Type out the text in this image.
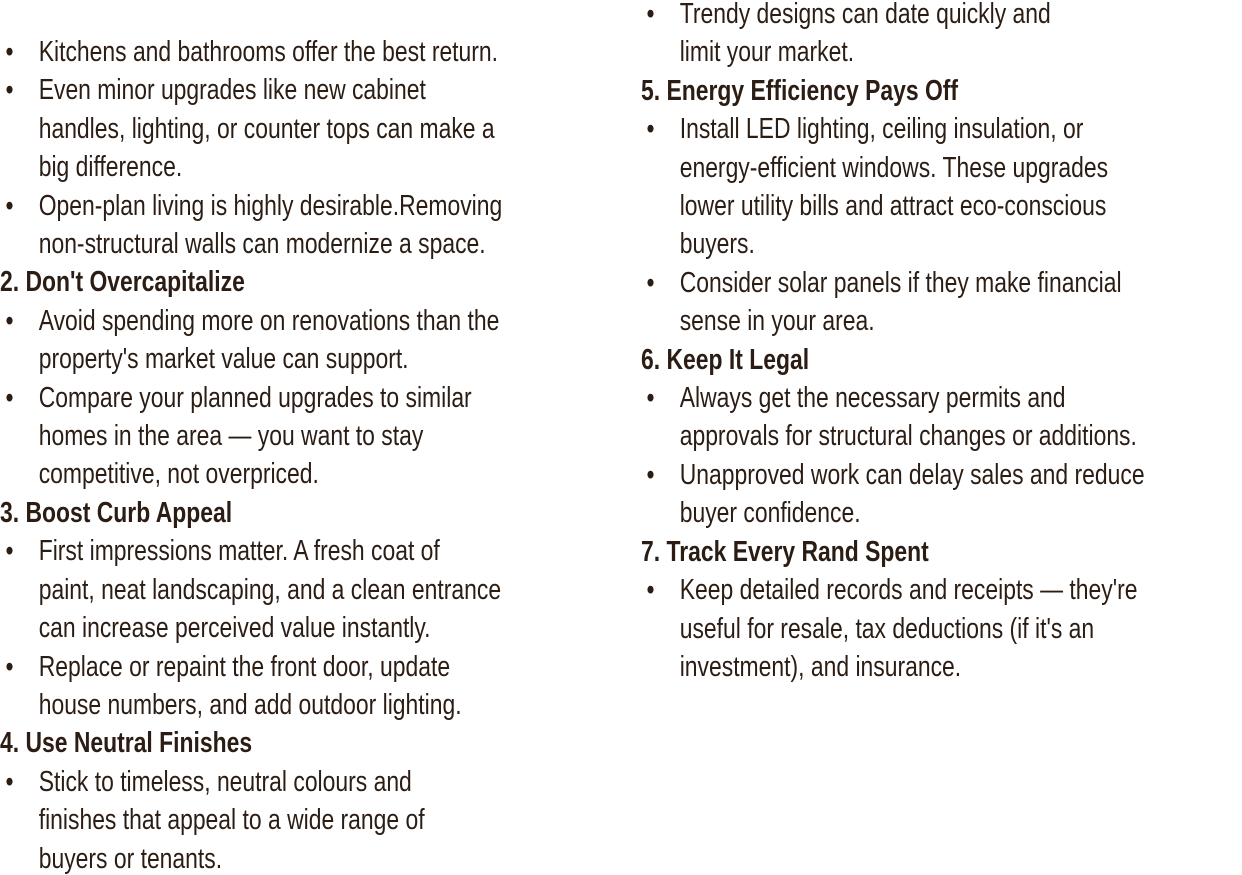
• Kitchens and bathrooms offer the best return.
• Even minor upgrades like new cabinet
handles, lighting, or counter tops can make a
big difference.
• Open-plan living is highly desirable.Removing
non-structural walls can modernize a space.
2. Don't Overcapitalize
• Avoid spending more on renovations than the
property's market value can support.
• Compare your planned upgrades to similar
homes in the area — you want to stay
competitive, not overpriced.
3. Boost Curb Appeal
• First impressions matter. A fresh coat of
paint, neat landscaping, and a clean entrance
can increase perceived value instantly.
• Replace or repaint the front door, update
house numbers, and add outdoor lighting.
4. Use Neutral Finishes
• Stick to timeless, neutral colours and
finishes that appeal to a wide range of
buyers or tenants.
• Trendy designs can date quickly and
limit your market.
5. Energy Efficiency Pays Off
• Install LED lighting, ceiling insulation, or
energy-efficient windows. These upgrades
lower utility bills and attract eco-conscious
buyers.
• Consider solar panels if they make financial
sense in your area.
6. Keep It Legal
• Always get the necessary permits and
approvals for structural changes or additions.
• Unapproved work can delay sales and reduce
buyer confidence.
7. Track Every Rand Spent
• Keep detailed records and receipts — they're
useful for resale, tax deductions (if it's an
investment), and insurance.
